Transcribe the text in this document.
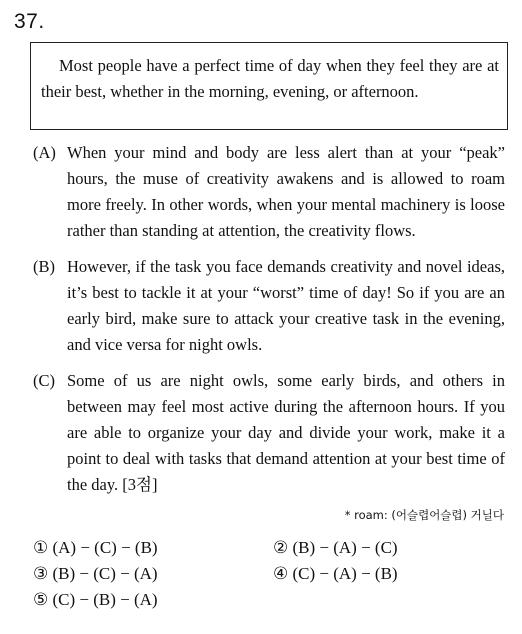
37.
Most people have a perfect time of day when they feel they are at their best, whether in the morning, evening, or afternoon.
(A) When your mind and body are less alert than at your “peak” hours, the muse of creativity awakens and is allowed to roam more freely. In other words, when your mental machinery is loose rather than standing at attention, the creativity flows.
(B) However, if the task you face demands creativity and novel ideas, it’s best to tackle it at your “worst” time of day! So if you are an early bird, make sure to attack your creative task in the evening, and vice versa for night owls.
(C) Some of us are night owls, some early birds, and others in between may feel most active during the afternoon hours. If you are able to organize your day and divide your work, make it a point to deal with tasks that demand attention at your best time of the day. [3점]
* roam: (어슬렵어슬렵) 거닐다
① (A) − (C) − (B)	② (B) − (A) − (C)
③ (B) − (C) − (A)	④ (C) − (A) − (B)
⑤ (C) − (B) − (A)
